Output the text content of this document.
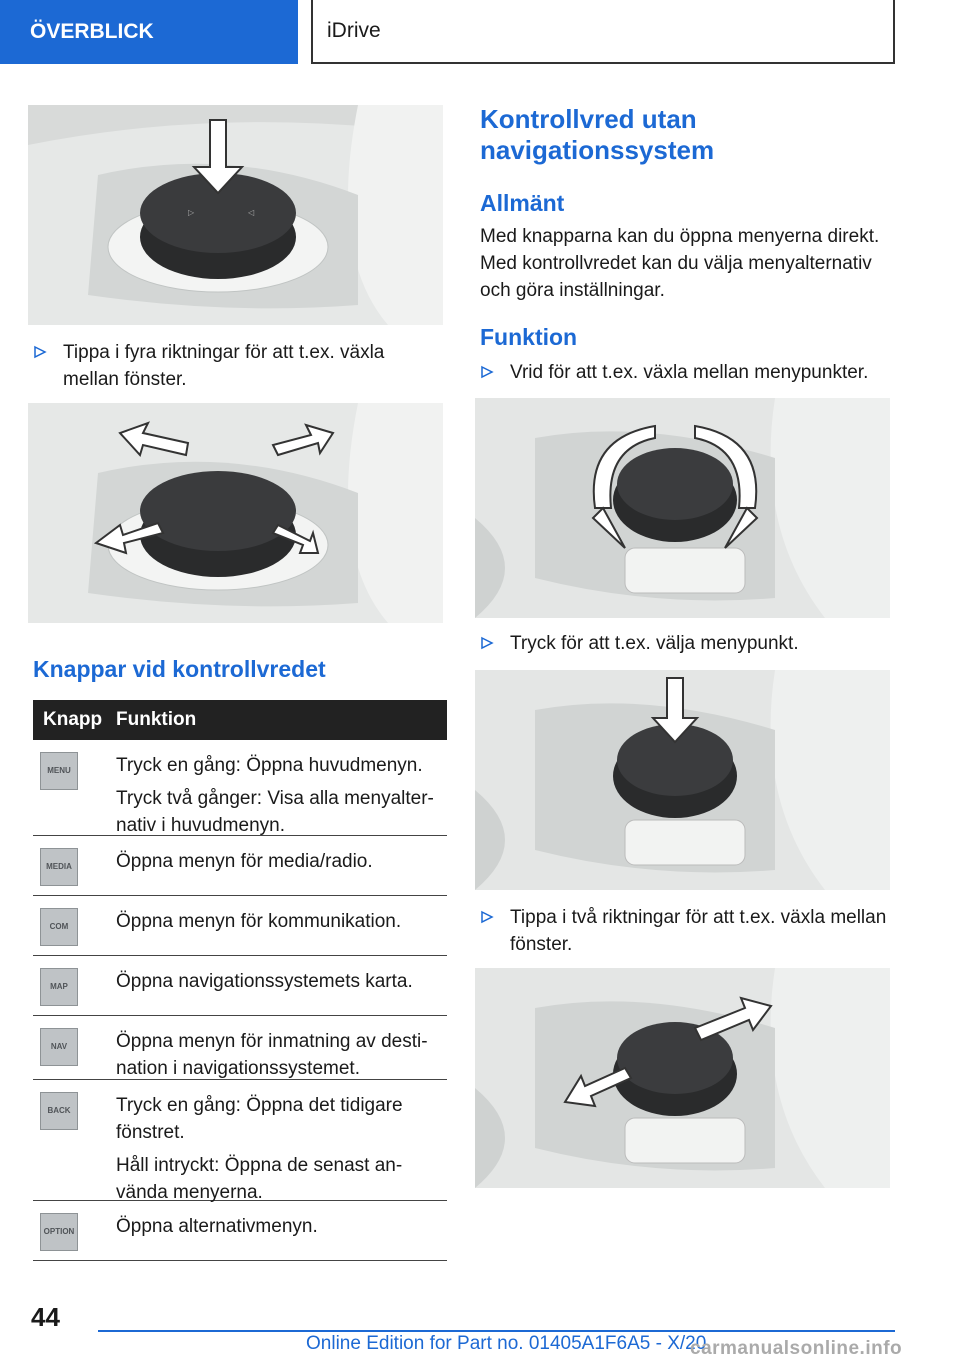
ÖVERBLICK	iDrive
▷	◁
Tippa i fyra riktningar för att t.ex. växla mellan fönster.
Knappar vid kontrollvredet
Knapp Funktion
MENU	Tryck en gång: Öppna huvudmenyn.

Tryck två gånger: Visa alla menyalter-nativ i huvudmenyn.

MEDIA	Öppna menyn för media/radio.

COM	Öppna menyn för kommunikation.

MAP	Öppna navigationssystemets karta.

NAV	Öppna menyn för inmatning av desti-nation i navigationssystemet.

BACK	Tryck en gång: Öppna det tidigare fönstret.

Håll intryckt: Öppna de senast an-vända menyerna.

OPTION Öppna alternativmenyn.

Kontrollvred utan navigationssystem
Allmänt
Med knapparna kan du öppna menyerna direkt. Med kontrollvredet kan du välja menyalternativ och göra inställningar.
Funktion
Vrid för att t.ex. växla mellan menypunkter.
Tryck för att t.ex. välja menypunkt.
Tippa i två riktningar för att t.ex. växla mellan fönster.
44
Online Edition for Part no. 01405A1F6A5 - X/20
carmanualsonline.info
